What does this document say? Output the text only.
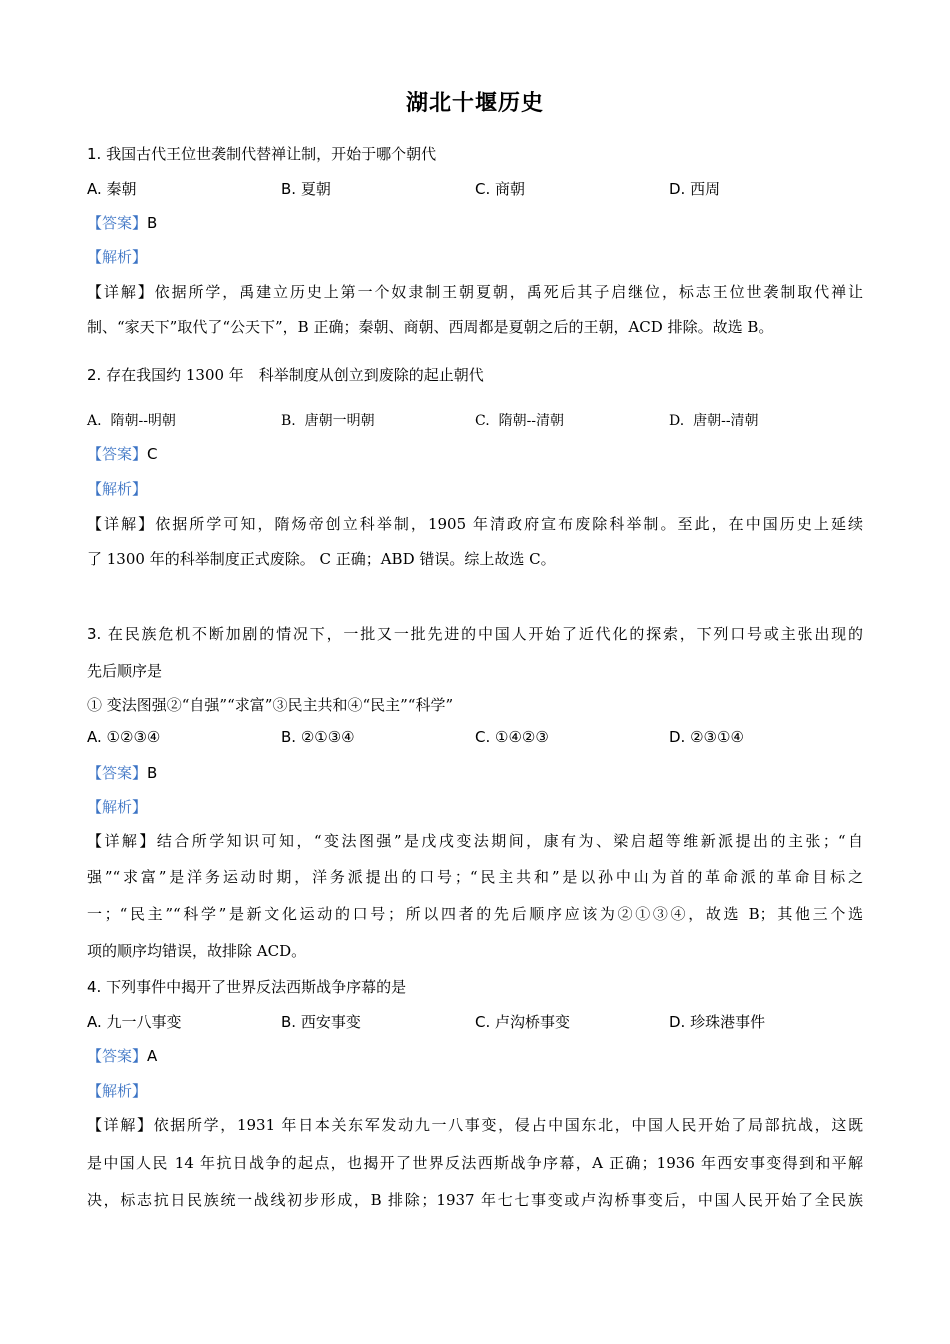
湖北十堰历史
1. 我国古代王位世袭制代替禅让制，开始于哪个朝代
A. 秦朝	B. 夏朝	C. 商朝	D. 西周
【答案】B
【解析】
【详解】依据所学，禹建立历史上第一个奴隶制王朝夏朝，禹死后其子启继位，标志王位世袭制取代禅让
制、“家天下”取代了“公天下”，B 正确；秦朝、商朝、西周都是夏朝之后的王朝，ACD 排除。故选 B。
2. 存在我国约 1300 年　科举制度从创立到废除的起止朝代
A. 隋朝--明朝	B. 唐朝一明朝	C. 隋朝--清朝	D. 唐朝--清朝
【答案】C
【解析】
【详解】依据所学可知，隋炀帝创立科举制，1905 年清政府宣布废除科举制。至此，在中国历史上延续
了 1300 年的科举制度正式废除。 C 正确；ABD 错误。综上故选 C。
3. 在民族危机不断加剧的情况下，一批又一批先进的中国人开始了近代化的探索，下列口号或主张出现的
先后顺序是
① 变法图强②“自强”“求富”③民主共和④“民主”“科学”
A. ①②③④	B. ②①③④	C. ①④②③	D. ②③①④
【答案】B
【解析】
【详解】结合所学知识可知，“变法图强”是戊戌变法期间，康有为、梁启超等维新派提出的主张；“自
强”“求富”是洋务运动时期，洋务派提出的口号；“民主共和”是以孙中山为首的革命派的革命目标之
一；“民主”“科学”是新文化运动的口号；所以四者的先后顺序应该为②①③④，故选 B；其他三个选
项的顺序均错误，故排除 ACD。
4. 下列事件中揭开了世界反法西斯战争序幕的是
A. 九一八事变	B. 西安事变	C. 卢沟桥事变	D. 珍珠港事件
【答案】A
【解析】
【详解】依据所学，1931 年日本关东军发动九一八事变，侵占中国东北，中国人民开始了局部抗战，这既
是中国人民 14 年抗日战争的起点，也揭开了世界反法西斯战争序幕，A 正确；1936 年西安事变得到和平解
决，标志抗日民族统一战线初步形成，B 排除；1937 年七七事变或卢沟桥事变后，中国人民开始了全民族
